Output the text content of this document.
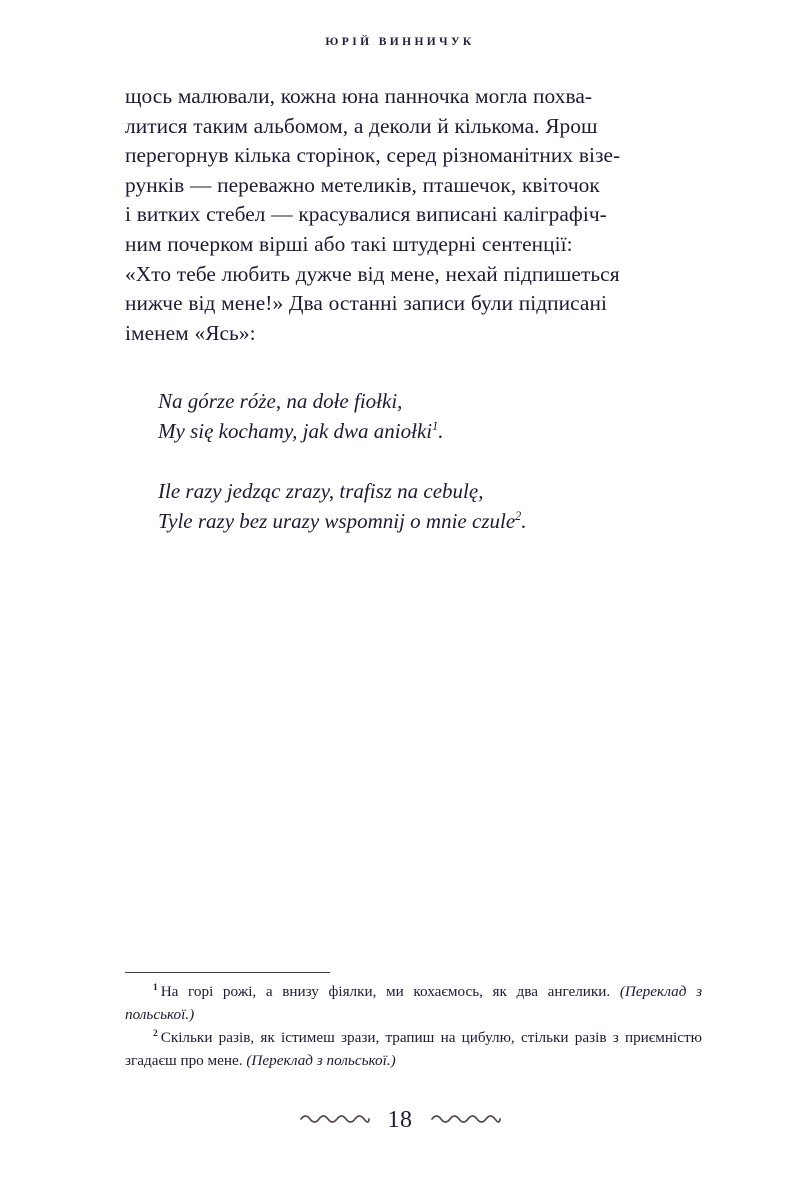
ЮРІЙ ВИННИЧУК

щось малювали, кожна юна панночка могла похва-
литися таким альбомом, а деколи й кількома. Ярош
перегорнув кілька сторінок, серед різноманітних візе-
рунків — переважно метеликів, пташечок, квіточок
і витких стебел — красувалися виписані каліграфіч-
ним почерком вірші або такі штудерні сентенції:
«Хто тебе любить дужче від мене, нехай підпишеться
нижче від мене!» Два останні записи були підписані
іменем «Ясь»:

Na górze róże, na dołe fiołki,
My się kochamy, jak dwa aniołki$^1$.
Ile razy jedząc zrazy, trafisz na cebulę,
Tyle razy bez urazy wspomnij o mnie czule$^2$.

$^1$ На горі рожі, а внизу фіялки, ми кохаємось, як два ангелики. (Переклад з польської.)

$^2$ Скільки разів, як істимеш зрази, трапиш на цибулю, стільки разів з приємністю згадаєш про мене. (Переклад з польської.)

18
